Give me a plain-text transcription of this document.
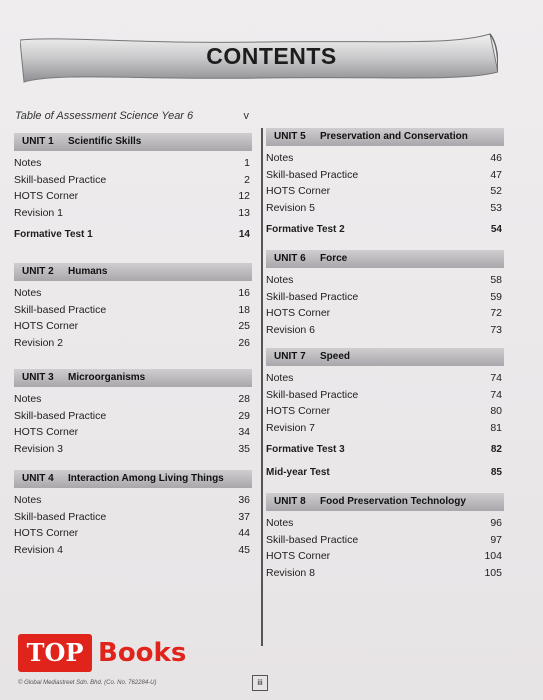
CONTENTS
Table of Assessment Science Year 6	v
UNIT 1 Scientific Skills
Notes	1
Skill-based Practice	2
HOTS Corner	12
Revision 1	13
Formative Test 1	14
UNIT 2 Humans
Notes	16
Skill-based Practice	18
HOTS Corner	25
Revision 2	26
UNIT 3 Microorganisms
Notes	28
Skill-based Practice	29
HOTS Corner	34
Revision 3	35
UNIT 4 Interaction Among Living Things
Notes	36
Skill-based Practice	37
HOTS Corner	44
Revision 4	45
UNIT 5 Preservation and Conservation
Notes	46
Skill-based Practice	47
HOTS Corner	52
Revision 5	53
Formative Test 2	54
UNIT 6 Force
Notes	58
Skill-based Practice	59
HOTS Corner	72
Revision 6	73
UNIT 7 Speed
Notes	74
Skill-based Practice	74
HOTS Corner	80
Revision 7	81
Formative Test 3	82
Mid-year Test	85
UNIT 8 Food Preservation Technology
Notes	96
Skill-based Practice	97
HOTS Corner	104
Revision 8	105
TOP Books
© Global Mediastreet Sdn. Bhd. (Co. No. 762284-U)	iii
